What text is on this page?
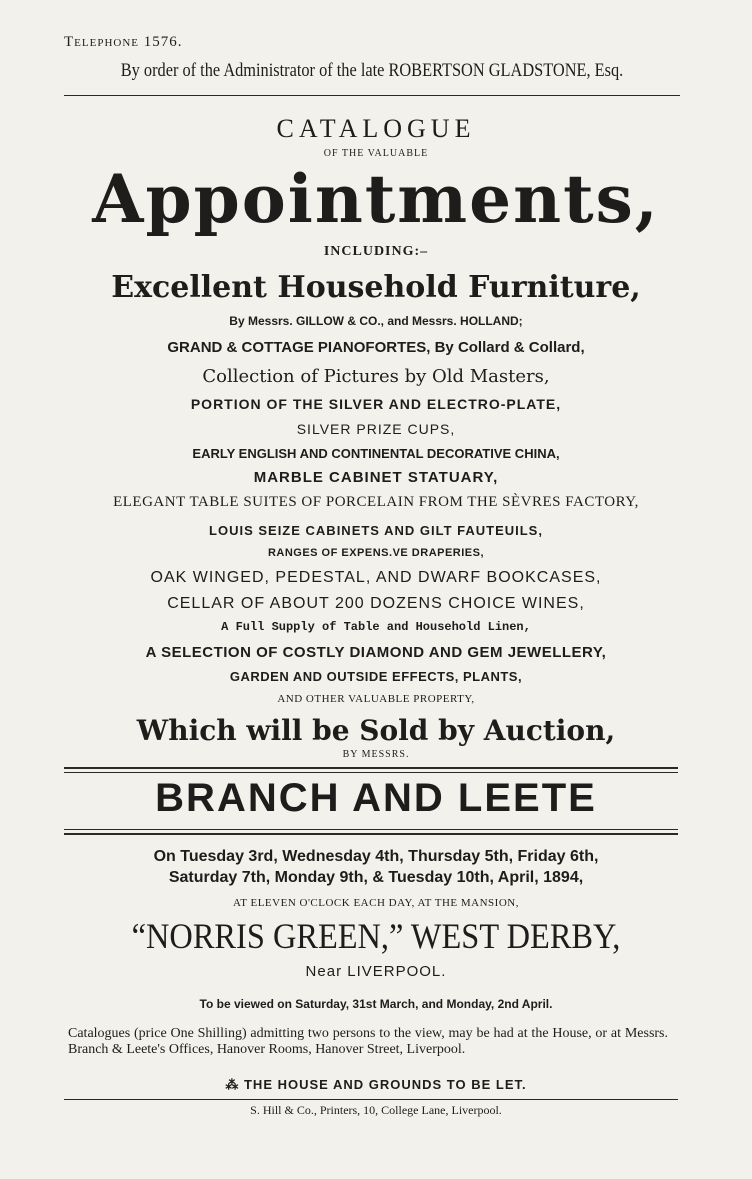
Telephone 1576.
By order of the Administrator of the late ROBERTSON GLADSTONE, Esq.
CATALOGUE
OF THE VALUABLE
Appointments,
INCLUDING:–
Excellent Household Furniture,
By Messrs. GILLOW & CO., and Messrs. HOLLAND;
GRAND & COTTAGE PIANOFORTES, By Collard & Collard,
Collection of Pictures by Old Masters,
PORTION OF THE SILVER AND ELECTRO-PLATE,
SILVER PRIZE CUPS,
EARLY ENGLISH AND CONTINENTAL DECORATIVE CHINA,
MARBLE CABINET STATUARY,
ELEGANT TABLE SUITES OF PORCELAIN FROM THE SÈVRES FACTORY,
LOUIS SEIZE CABINETS AND GILT FAUTEUILS,
RANGES OF EXPENS.VE DRAPERIES,
OAK WINGED, PEDESTAL, AND DWARF BOOKCASES,
CELLAR OF ABOUT 200 DOZENS CHOICE WINES,
A Full Supply of Table and Household Linen,
A SELECTION OF COSTLY DIAMOND AND GEM JEWELLERY,
GARDEN AND OUTSIDE EFFECTS, PLANTS,
AND OTHER VALUABLE PROPERTY,
Which will be Sold by Auction,
BY MESSRS.
BRANCH AND LEETE
On Tuesday 3rd, Wednesday 4th, Thursday 5th, Friday 6th,
Saturday 7th, Monday 9th, & Tuesday 10th, April, 1894,
AT ELEVEN O'CLOCK EACH DAY, AT THE MANSION,
“NORRIS GREEN,” WEST DERBY,
Near LIVERPOOL.
To be viewed on Saturday, 31st March, and Monday, 2nd April.
Catalogues (price One Shilling) admitting two persons to the view, may be had at the House, or at Messrs. Branch & Leete's Offices, Hanover Rooms, Hanover Street, Liverpool.
⁂ THE HOUSE AND GROUNDS TO BE LET.
S. Hill & Co., Printers, 10, College Lane, Liverpool.
